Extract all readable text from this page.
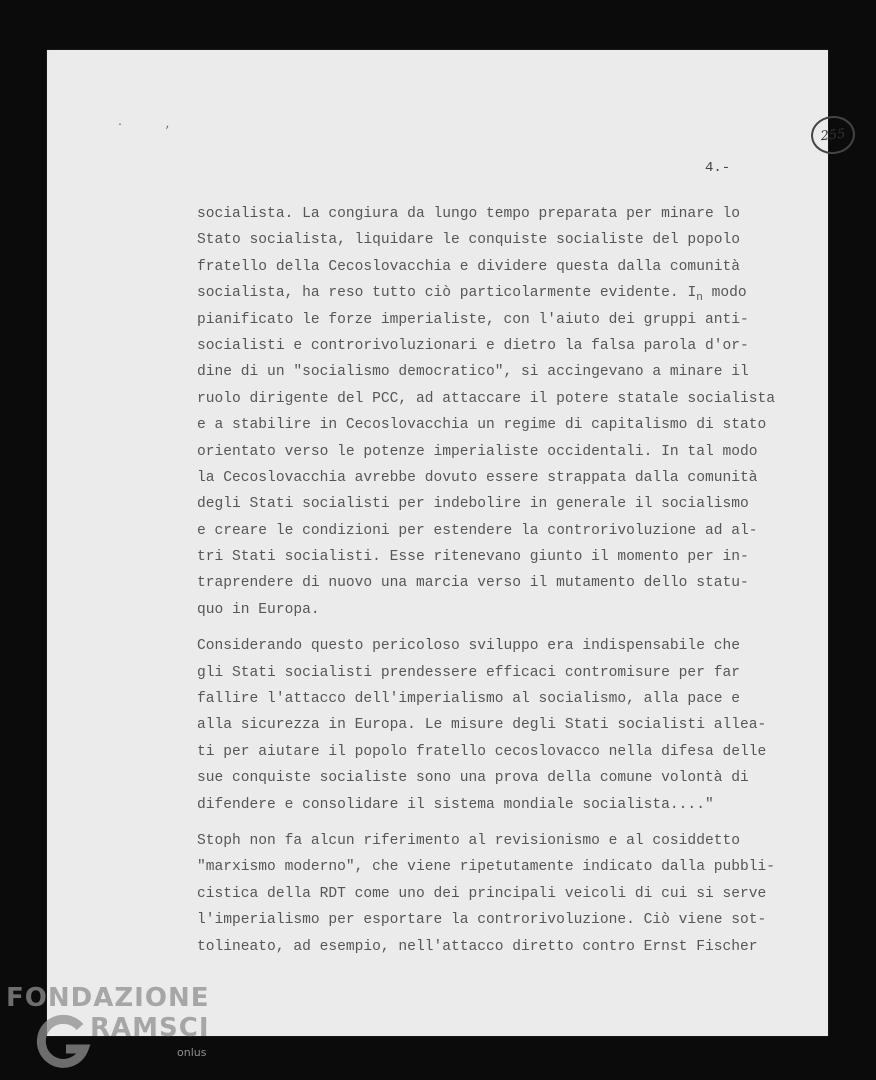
· ,
255
4.-
socialista. La congiura da lungo tempo preparata per minare lo
Stato socialista, liquidare le conquiste socialiste del popolo
fratello della Cecoslovacchia e dividere questa dalla comunità
socialista, ha reso tutto ciò particolarmente evidente. $I_n$ modo
pianificato le forze imperialiste, con l'aiuto dei gruppi anti-
socialisti e controrivoluzionari e dietro la falsa parola d'or-
dine di un "socialismo democratico", si accingevano a minare il
ruolo dirigente del PCC, ad attaccare il potere statale socialista
e a stabilire in Cecoslovacchia un regime di capitalismo di stato
orientato verso le potenze imperialiste occidentali. In tal modo
la Cecoslovacchia avrebbe dovuto essere strappata dalla comunità
degli Stati socialisti per indebolire in generale il socialismo
e creare le condizioni per estendere la controrivoluzione ad al-
tri Stati socialisti. Esse ritenevano giunto il momento per in-
traprendere di nuovo una marcia verso il mutamento dello statu-
quo in Europa.
Considerando questo pericoloso sviluppo era indispensabile che
gli Stati socialisti prendessere efficaci contromisure per far
fallire l'attacco dell'imperialismo al socialismo, alla pace e
alla sicurezza in Europa. Le misure degli Stati socialisti allea-
ti per aiutare il popolo fratello cecoslovacco nella difesa delle
sue conquiste socialiste sono una prova della comune volontà di
difendere e consolidare il sistema mondiale socialista...."
Stoph non fa alcun riferimento al revisionismo e al cosiddetto
"marxismo moderno", che viene ripetutamente indicato dalla pubbli-
cistica della RDT come uno dei principali veicoli di cui si serve
l'imperialismo per esportare la controrivoluzione. Ciò viene sot-
tolineato, ad esempio, nell'attacco diretto contro Ernst Fischer
FONDAZIONE
RAMSCI
onlus
